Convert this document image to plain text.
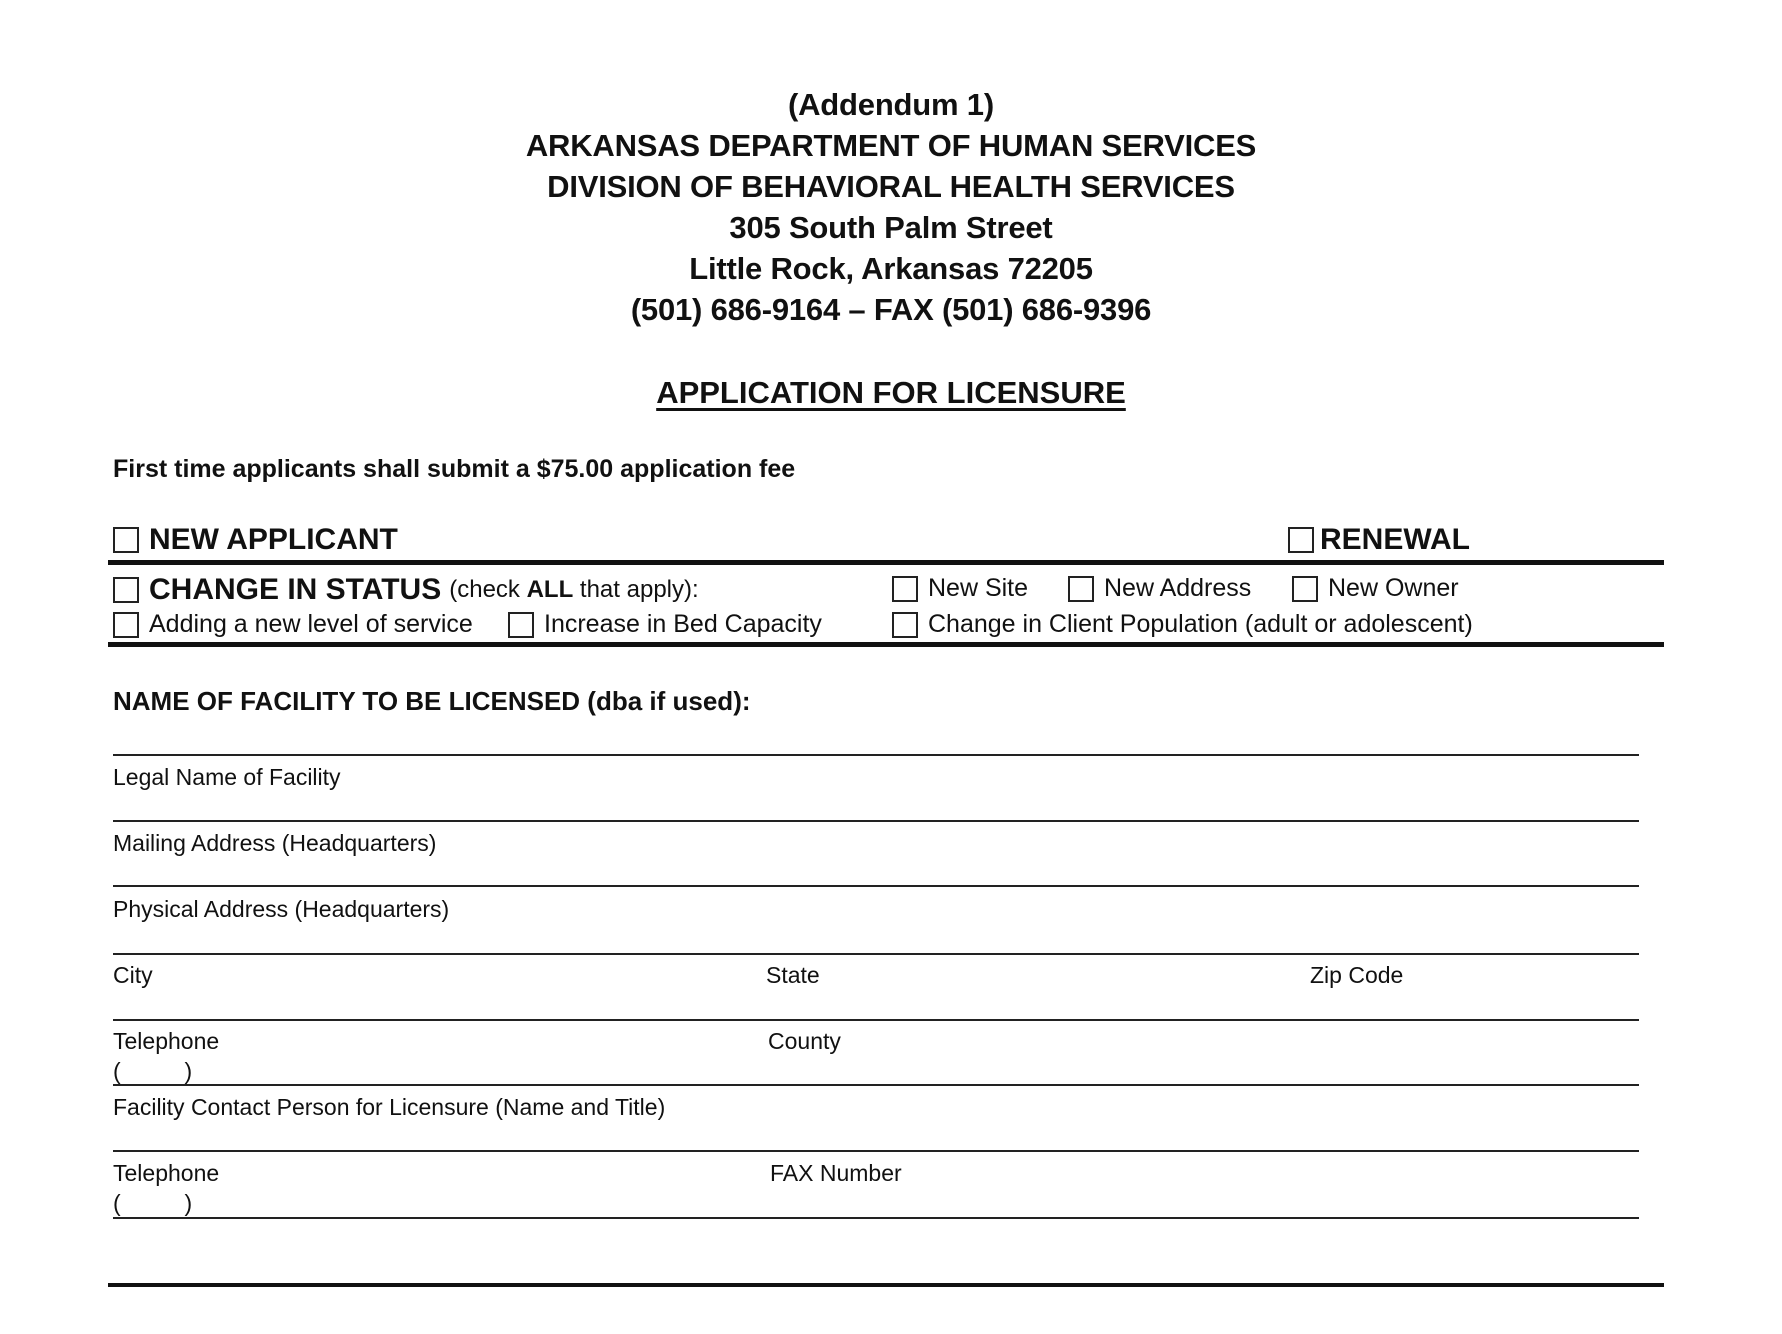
(Addendum 1)
ARKANSAS DEPARTMENT OF HUMAN SERVICES
DIVISION OF BEHAVIORAL HEALTH SERVICES
305 South Palm Street
Little Rock, Arkansas 72205
(501) 686-9164 – FAX (501) 686-9396
APPLICATION FOR LICENSURE
First time applicants shall submit a $75.00 application fee
NEW APPLICANT	RENEWAL
CHANGE IN STATUS (check ALL that apply):	New Site	New Address	New Owner
Adding a new level of service	Increase in Bed Capacity	Change in Client Population (adult or adolescent)
NAME OF FACILITY TO BE LICENSED (dba if used):
Legal Name of Facility
Mailing Address (Headquarters)
Physical Address (Headquarters)
City	State	Zip Code
Telephone	County
(          )
Facility Contact Person for Licensure (Name and Title)
Telephone	FAX Number
(          )
